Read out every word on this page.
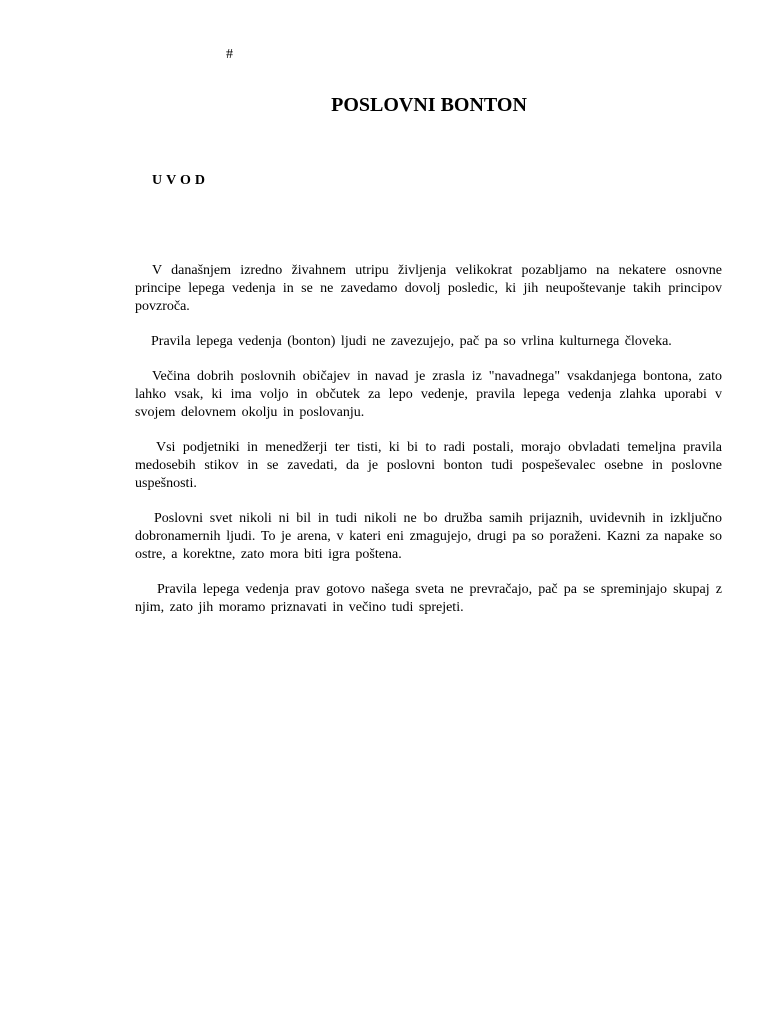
#
POSLOVNI BONTON
UVOD

V današnjem izredno živahnem utripu življenja velikokrat pozabljamo na nekatere osnovne principe lepega vedenja in se ne zavedamo dovolj posledic, ki jih neupoštevanje takih principov povzroča.

Pravila lepega vedenja (bonton) ljudi ne zavezujejo, pač pa so vrlina kulturnega človeka.

Večina dobrih poslovnih običajev in navad je zrasla iz "navadnega" vsakdanjega bontona, zato lahko vsak, ki ima voljo in občutek za lepo vedenje, pravila lepega vedenja zlahka uporabi v svojem delovnem okolju in poslovanju.

Vsi podjetniki in menedžerji ter tisti, ki bi to radi postali, morajo obvladati temeljna pravila medosebih stikov in se zavedati, da je poslovni bonton tudi pospeševalec osebne in poslovne uspešnosti.

Poslovni svet nikoli ni bil in tudi nikoli ne bo družba samih prijaznih, uvidevnih in izključno dobronamernih ljudi. To je arena, v kateri eni zmagujejo, drugi pa so poraženi. Kazni za napake so ostre, a korektne, zato mora biti igra poštena.

Pravila lepega vedenja prav gotovo našega sveta ne prevračajo, pač pa se spreminjajo skupaj z njim, zato jih moramo priznavati in večino tudi sprejeti.
